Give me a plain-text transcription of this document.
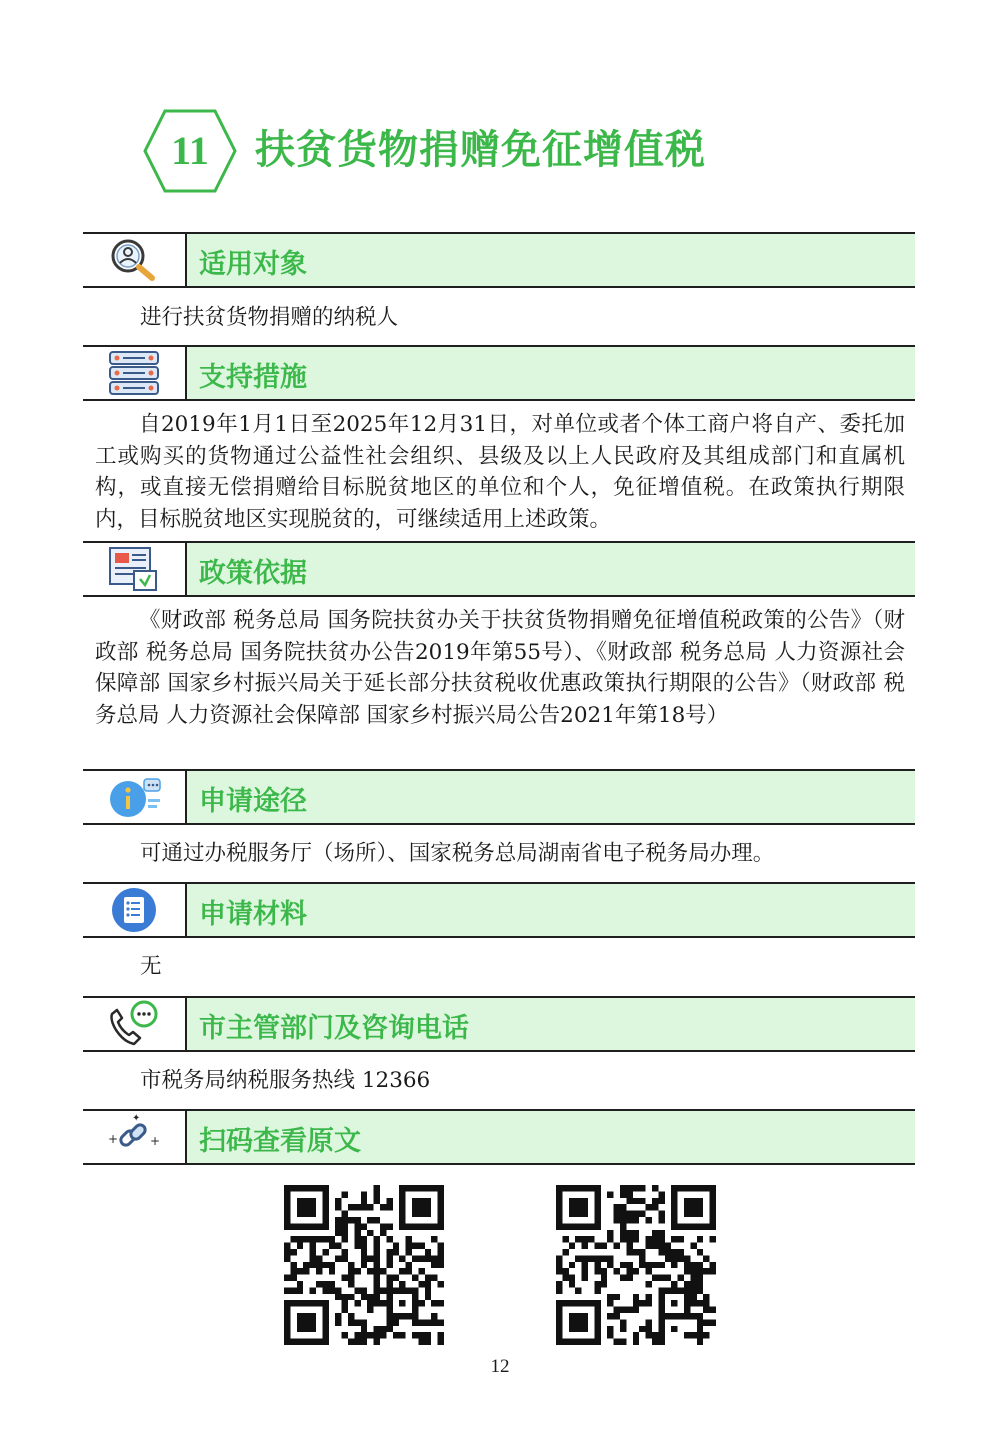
11	扶贫货物捐赠免征增值税
适用对象

进行扶贫货物捐赠的纳税人

支持措施

自2019年1月1日至2025年12月31日，对单位或者个体工商户将自产、委托加工或购买的货物通过公益性社会组织、县级及以上人民政府及其组成部门和直属机构，或直接无偿捐赠给目标脱贫地区的单位和个人，免征增值税。在政策执行期限内，目标脱贫地区实现脱贫的，可继续适用上述政策。

政策依据

《财政部 税务总局 国务院扶贫办关于扶贫货物捐赠免征增值税政策的公告》（财政部 税务总局 国务院扶贫办公告2019年第55号）、《财政部 税务总局 人力资源社会保障部 国家乡村振兴局关于延长部分扶贫税收优惠政策执行期限的公告》（财政部 税务总局 人力资源社会保障部 国家乡村振兴局公告2021年第18号）

申请途径

可通过办税服务厅（场所）、国家税务总局湖南省电子税务局办理。

申请材料

无

市主管部门及咨询电话

市税务局纳税服务热线 12366

+	+
✦
扫码查看原文
12
